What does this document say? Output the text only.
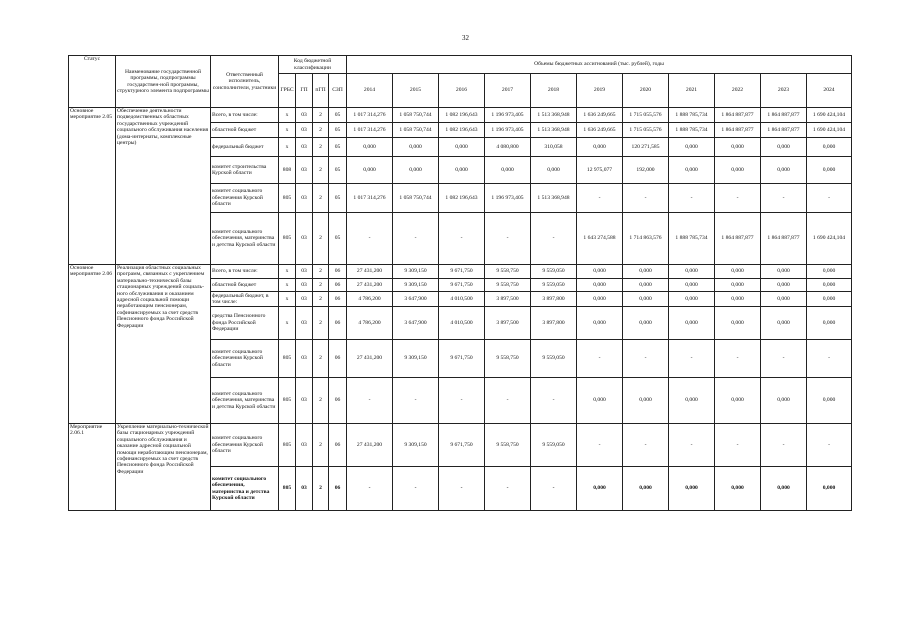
32
Статус	Наименование государственной программы, подпрограммы государствен-ной программы, структурного элемента подпрограммы	Ответственный исполнитель, соисполнители, участники	Код бюджетной классификации				Объемы бюджетных ассигнований (тыс. рублей), годы										
			ГРБС	ГП	пГП	СЗП	2014	2015	2016	2017	2018	2019	2020	2021	2022	2023	2024
Основное мероприятие 2.05	Обеспечение деятельности подведомственных областных государственных учреждений социального обслуживания населения (дома-интернаты, комплексные центры)	Всего, в том числе:	х	03	2	05	1 017 314,276	1 058 750,744	1 082 196,643	1 196 973,405	1 513 368,948	1 636 249,665	1 715 055,576	1 888 785,734	1 864 887,877	1 864 887,877	1 690 424,104
		областной бюджет	х	03	2	05	1 017 314,276	1 058 750,744	1 082 196,643	1 196 973,405	1 513 368,948	1 636 249,665	1 715 055,576	1 888 785,734	1 864 887,877	1 864 887,877	1 690 424,104
		федеральный бюджет	х	03	2	05	0,000	0,000	0,000	4 080,800	310,058	0,000	120 271,585	0,000	0,000	0,000	0,000
		комитет строительства Курской области	808	03	2	05	0,000	0,000	0,000	0,000	0,000	12 975,077	192,000	0,000	0,000	0,000	0,000
		комитет социального обеспечения Курской области	805	03	2	05	1 017 314,276	1 058 750,744	1 082 196,643	1 196 973,405	1 513 368,948	-	-	-	-	-	-
		комитет социального обеспечения, материнства и детства Курской области	805	03	2	05	-	-	-	-	-	1 643 274,588	1 714 863,576	1 888 785,734	1 864 887,877	1 864 887,877	1 690 424,104
Основное мероприятие 2.06	Реализация областных социальных программ, связанных с укреплением материально-технической базы стационарных учреждений социаль-ного обслуживания и оказанием адресной социальной помощи неработающим пенсионерам, софинансируемых за счет средств Пенсионного фонда Российской Федерации	Всего, в том числе:	х	03	2	06	27 431,200	9 309,150	9 671,750	9 558,750	9 559,050	0,000	0,000	0,000	0,000	0,000	0,000
		областной бюджет	х	03	2	06	27 431,200	9 309,150	9 671,750	9 558,750	9 559,050	0,000	0,000	0,000	0,000	0,000	0,000
		федеральный бюджет, в том числе:	х	03	2	06	4 786,200	3 647,900	4 010,500	3 897,500	3 897,800	0,000	0,000	0,000	0,000	0,000	0,000
		средства Пенсионного фонда Российской Федерации	х	03	2	06	4 786,200	3 647,900	4 010,500	3 897,500	3 897,800	0,000	0,000	0,000	0,000	0,000	0,000
		комитет социального обеспечения Курской области	805	03	2	06	27 431,200	9 309,150	9 671,750	9 558,750	9 559,050	-	-	-	-	-	-
		комитет социального обеспечения, материнства и детства Курской области	805	03	2	06	-	-	-	-	-	0,000	0,000	0,000	0,000	0,000	0,000
Мероприятие 2.06.1	Укрепление материально-технической базы стационарных учреждений социального обслуживания и оказание адресной социальной помощи неработающим пенсионерам, софинансируемых за счет средств Пенсионного фонда Российской Федерации	комитет социального обеспечения Курской области	805	03	2	06	27 431,200	9 309,150	9 671,750	9 558,750	9 559,050	-	-	-	-	-	-
		комитет социального обеспечения, материнства и детства Курской области	805	03	2	06	-	-	-	-	-	0,000	0,000	0,000	0,000	0,000	0,000
